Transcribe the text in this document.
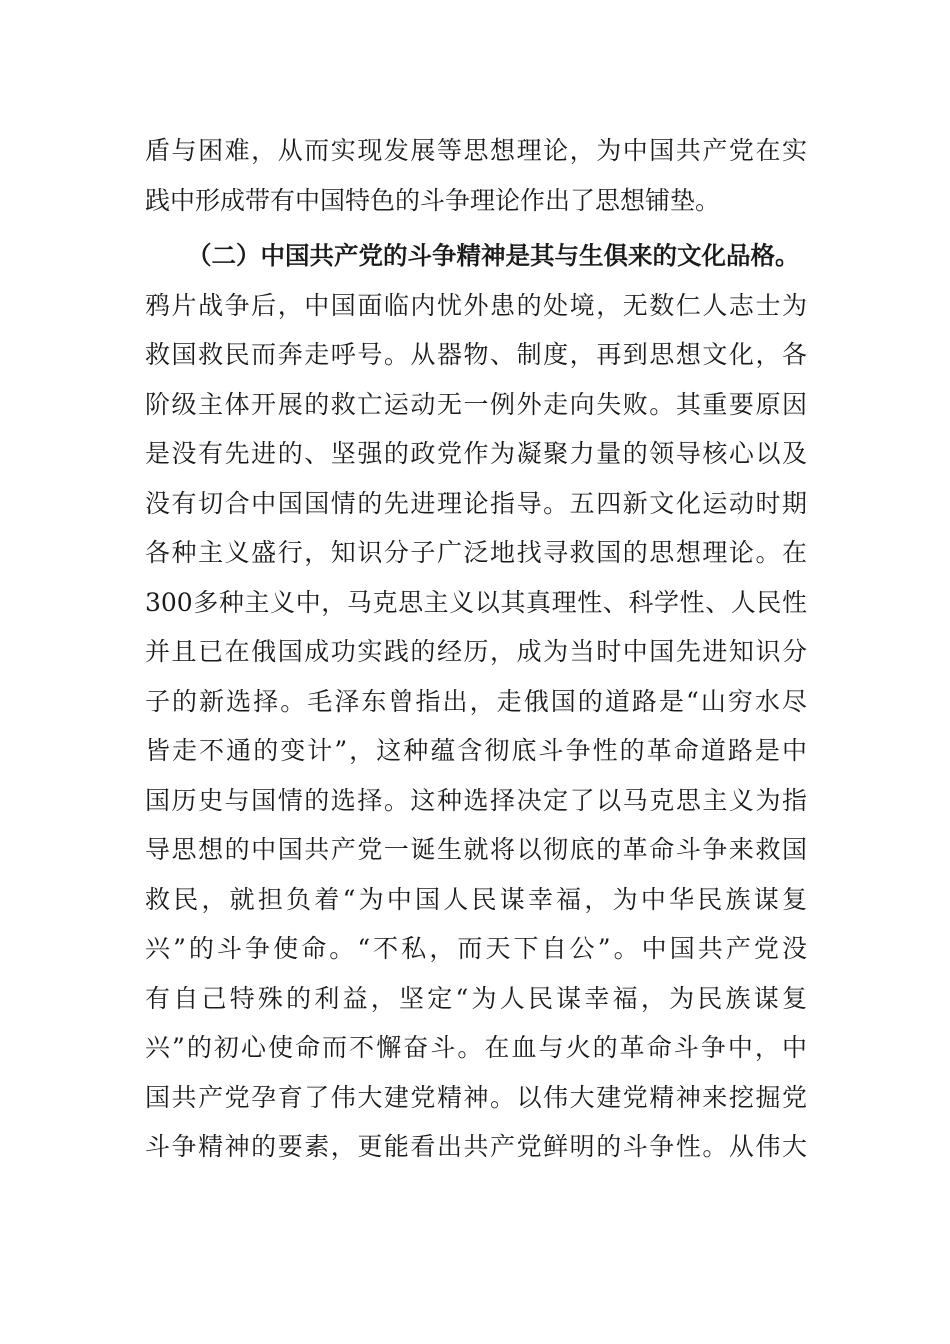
盾与困难，从而实现发展等思想理论，为中国共产党在实
践中形成带有中国特色的斗争理论作出了思想铺垫。
（二）中国共产党的斗争精神是其与生俱来的文化品格。
鸦片战争后，中国面临内忧外患的处境，无数仁人志士为
救国救民而奔走呼号。从器物、制度，再到思想文化，各
阶级主体开展的救亡运动无一例外走向失败。其重要原因
是没有先进的、坚强的政党作为凝聚力量的领导核心以及
没有切合中国国情的先进理论指导。五四新文化运动时期
各种主义盛行，知识分子广泛地找寻救国的思想理论。在
300多种主义中，马克思主义以其真理性、科学性、人民性
并且已在俄国成功实践的经历，成为当时中国先进知识分
子的新选择。毛泽东曾指出，走俄国的道路是“山穷水尽
皆走不通的变计”，这种蕴含彻底斗争性的革命道路是中
国历史与国情的选择。这种选择决定了以马克思主义为指
导思想的中国共产党一诞生就将以彻底的革命斗争来救国
救民，就担负着“为中国人民谋幸福，为中华民族谋复
兴”的斗争使命。“不私，而天下自公”。中国共产党没
有自己特殊的利益，坚定“为人民谋幸福，为民族谋复
兴”的初心使命而不懈奋斗。在血与火的革命斗争中，中
国共产党孕育了伟大建党精神。以伟大建党精神来挖掘党
斗争精神的要素，更能看出共产党鲜明的斗争性。从伟大
